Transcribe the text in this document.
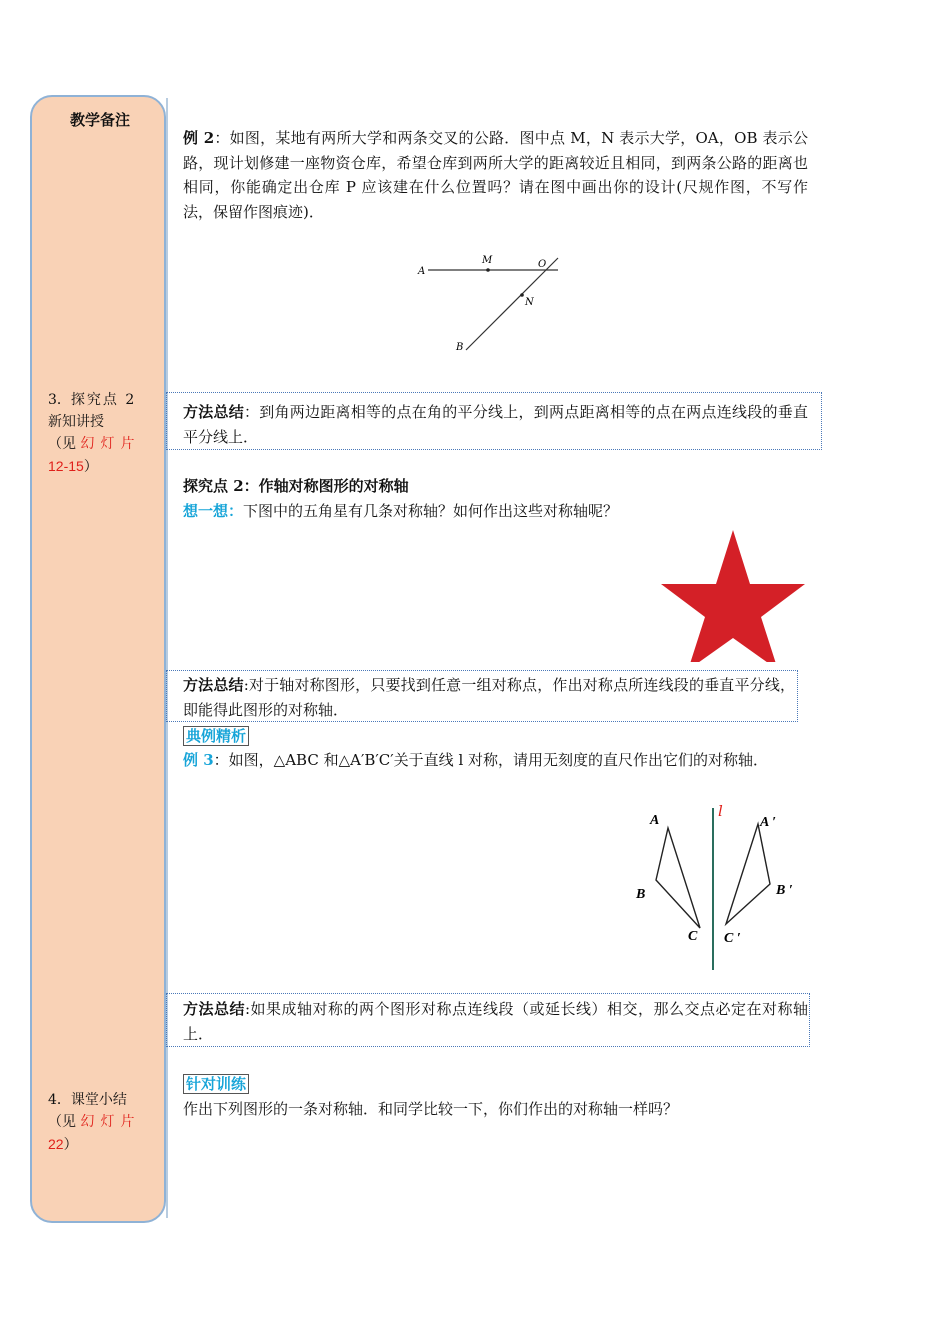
教学备注
3．探究点 2
新知讲授
（见 幻灯片
12-15）
4．课堂小结
（见 幻灯片
22）
例 2：如图，某地有两所大学和两条交叉的公路．图中点 M，N 表示大学，OA，OB 表示公路，现计划修建一座物资仓库，希望仓库到两所大学的距离较近且相同，到两条公路的距离也相同，你能确定出仓库 P 应该建在什么位置吗？请在图中画出你的设计(尺规作图，不写作法，保留作图痕迹)．
A
M	O
N
B
方法总结：到角两边距离相等的点在角的平分线上，到两点距离相等的点在两点连线段的垂直平分线上．
探究点 2：作轴对称图形的对称轴
想一想：下图中的五角星有几条对称轴？如何作出这些对称轴呢？
方法总结:对于轴对称图形，只要找到任意一组对称点，作出对称点所连线段的垂直平分线，即能得此图形的对称轴．
典例精析
例 3：如图，△ABC 和△A′B′C′关于直线 l 对称，请用无刻度的直尺作出它们的对称轴．
l
A
B
C
A ′
B ′
C ′
方法总结:如果成轴对称的两个图形对称点连线段（或延长线）相交，那么交点必定在对称轴上．
针对训练
作出下列图形的一条对称轴．和同学比较一下，你们作出的对称轴一样吗？
